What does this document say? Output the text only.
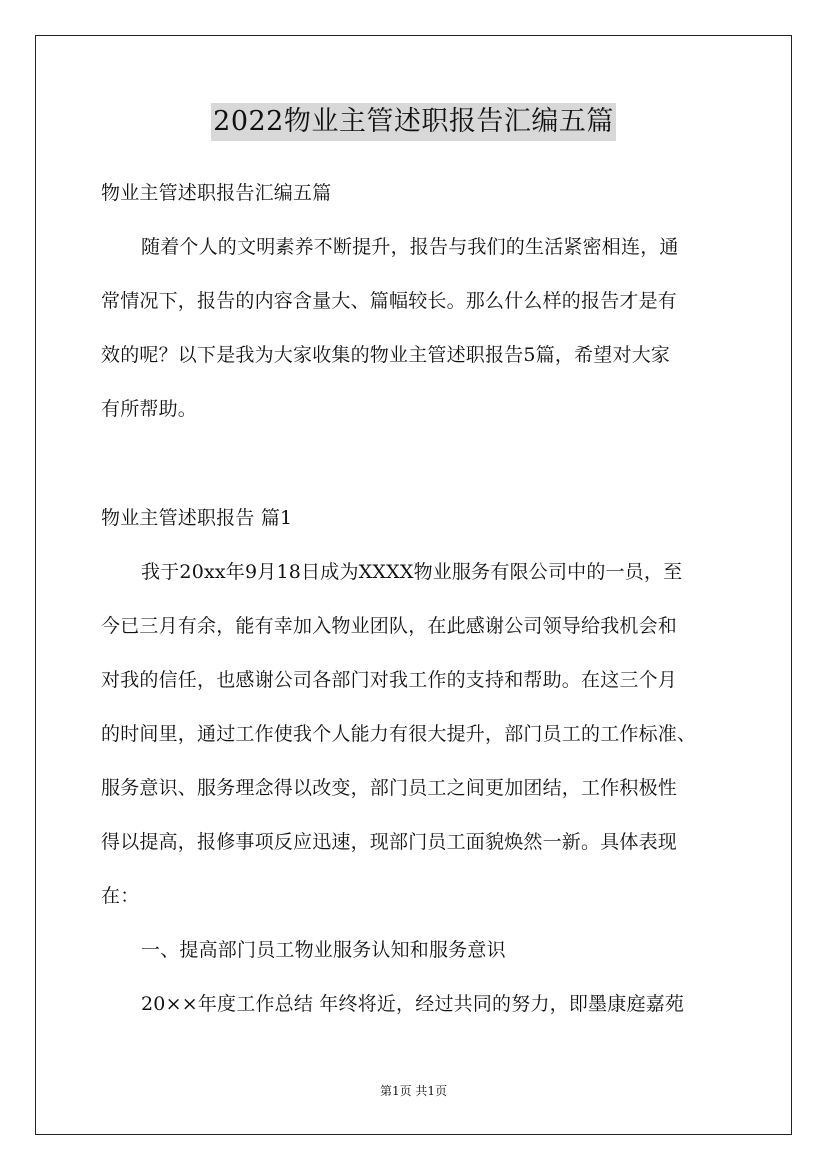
2022物业主管述职报告汇编五篇
物业主管述职报告汇编五篇
随着个人的文明素养不断提升，报告与我们的生活紧密相连，通
常情况下，报告的内容含量大、篇幅较长。那么什么样的报告才是有
效的呢？以下是我为大家收集的物业主管述职报告5篇，希望对大家
有所帮助。
物业主管述职报告 篇1
我于20xx年9月18日成为XXXX物业服务有限公司中的一员，至
今已三月有余，能有幸加入物业团队，在此感谢公司领导给我机会和
对我的信任，也感谢公司各部门对我工作的支持和帮助。在这三个月
的时间里，通过工作使我个人能力有很大提升，部门员工的工作标准、
服务意识、服务理念得以改变，部门员工之间更加团结，工作积极性
得以提高，报修事项反应迅速，现部门员工面貌焕然一新。具体表现
在：
一、提高部门员工物业服务认知和服务意识
20××年度工作总结 年终将近，经过共同的努力，即墨康庭嘉苑
第1页 共1页
